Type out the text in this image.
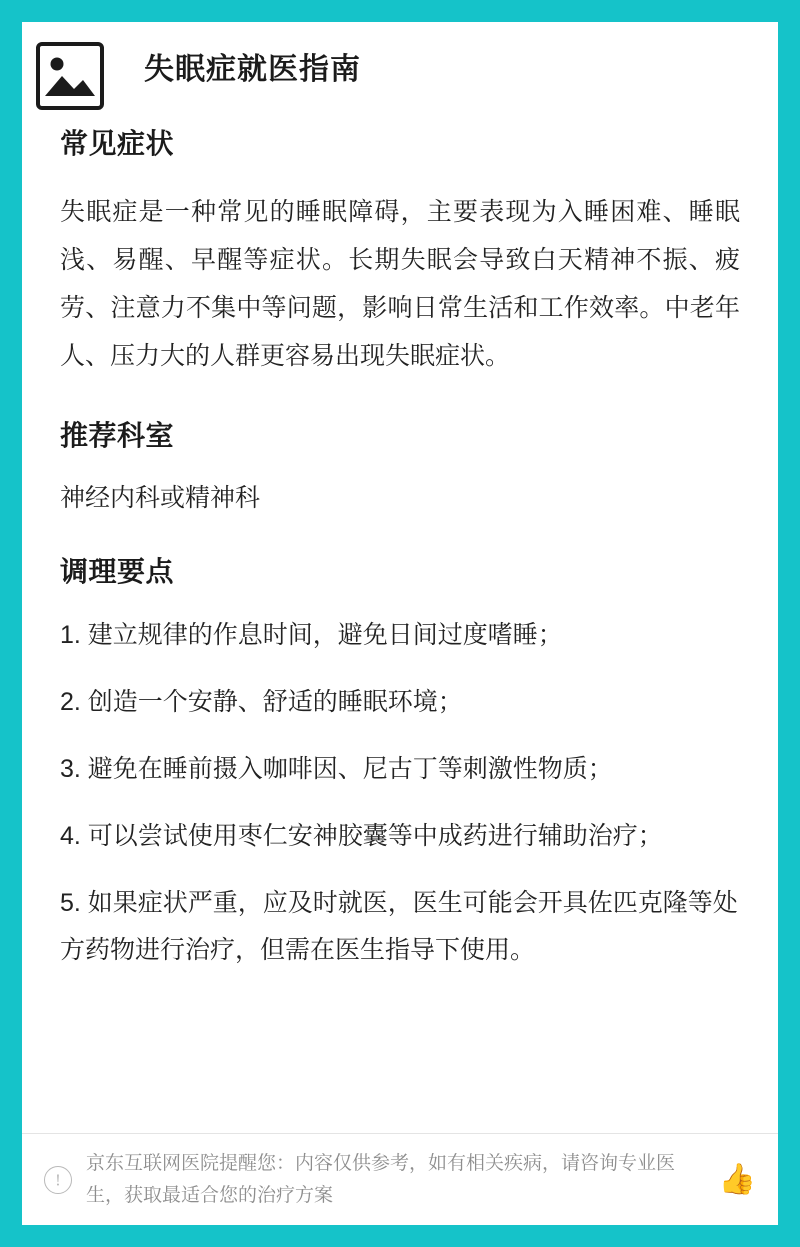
失眠症就医指南
常见症状

失眠症是一种常见的睡眠障碍，主要表现为入睡困难、睡眠浅、易醒、早醒等症状。长期失眠会导致白天精神不振、疲劳、注意力不集中等问题，影响日常生活和工作效率。中老年人、压力大的人群更容易出现失眠症状。

推荐科室

神经内科或精神科

调理要点
1. 建立规律的作息时间，避免日间过度嗜睡；
2. 创造一个安静、舒适的睡眠环境；
3. 避免在睡前摄入咖啡因、尼古丁等刺激性物质；
4. 可以尝试使用枣仁安神胶囊等中成药进行辅助治疗；
5. 如果症状严重，应及时就医，医生可能会开具佐匹克隆等处方药物进行治疗，但需在医生指导下使用。
!
京东互联网医院提醒您：内容仅供参考，如有相关疾病，请咨询专业医生，获取最适合您的治疗方案	👍
